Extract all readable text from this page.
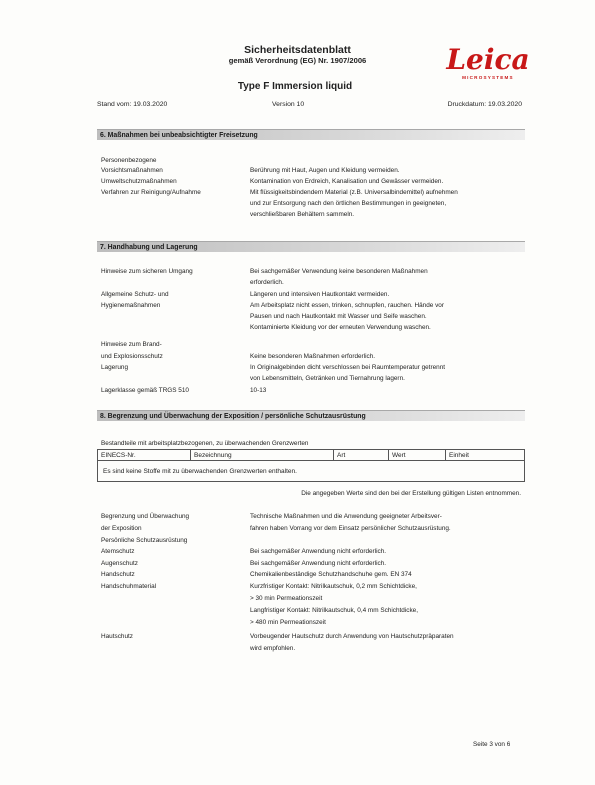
Sicherheitsdatenblatt
gemäß Verordnung (EG) Nr. 1907/2006
Type F Immersion liquid
Leica
MICROSYSTEMS
Stand vom: 19.03.2020	Version 10	Druckdatum: 19.03.2020
6. Maßnahmen bei unbeabsichtigter Freisetzung
Personenbezogene
Vorsichtsmaßnahmen	Berührung mit Haut, Augen und Kleidung vermeiden.
Umweltschutzmaßnahmen	Kontamination von Erdreich, Kanalisation und Gewässer vermeiden.
Verfahren zur Reinigung/Aufnahme	Mit flüssigkeitsbindendem Material (z.B. Universalbindemittel) aufnehmen
und zur Entsorgung nach den örtlichen Bestimmungen in geeigneten,
verschließbaren Behältern sammeln.
7. Handhabung und Lagerung
Hinweise zum sicheren Umgang	Bei sachgemäßer Verwendung keine besonderen Maßnahmen
erforderlich.
Allgemeine Schutz- und	Längeren und intensiven Hautkontakt vermeiden.
Hygienemaßnahmen	Am Arbeitsplatz nicht essen, trinken, schnupfen, rauchen. Hände vor
Pausen und nach Hautkontakt mit Wasser und Seife waschen.
Kontaminierte Kleidung vor der erneuten Verwendung waschen.
Hinweise zum Brand-
und Explosionsschutz	Keine besonderen Maßnahmen erforderlich.
Lagerung	In Originalgebinden dicht verschlossen bei Raumtemperatur getrennt
von Lebensmitteln, Getränken und Tiernahrung lagern.
Lagerklasse gemäß TRGS 510	10-13
8. Begrenzung und Überwachung der Exposition / persönliche Schutzausrüstung
Bestandteile mit arbeitsplatzbezogenen, zu überwachenden Grenzwerten
EINECS-Nr.	Bezeichnung	Art	Wert	Einheit
Es sind keine Stoffe mit zu überwachenden Grenzwerten enthalten.
Die angegeben Werte sind den bei der Erstellung gültigen Listen entnommen.
Begrenzung und Überwachung	Technische Maßnahmen und die Anwendung geeigneter Arbeitsver-
der Exposition	fahren haben Vorrang vor dem Einsatz persönlicher Schutzausrüstung.
Persönliche Schutzausrüstung
Atemschutz	Bei sachgemäßer Anwendung nicht erforderlich.
Augenschutz	Bei sachgemäßer Anwendung nicht erforderlich.
Handschutz	Chemikalienbeständige Schutzhandschuhe gem. EN 374
Handschuhmaterial	Kurzfristiger Kontakt: Nitrilkautschuk, 0,2 mm Schichtdicke,
> 30 min Permeationszeit
Langfristiger Kontakt: Nitrilkautschuk, 0,4 mm Schichtdicke,
> 480 min Permeationszeit
Hautschutz	Vorbeugender Hautschutz durch Anwendung von Hautschutzpräparaten
wird empfohlen.
Seite 3 von 6
